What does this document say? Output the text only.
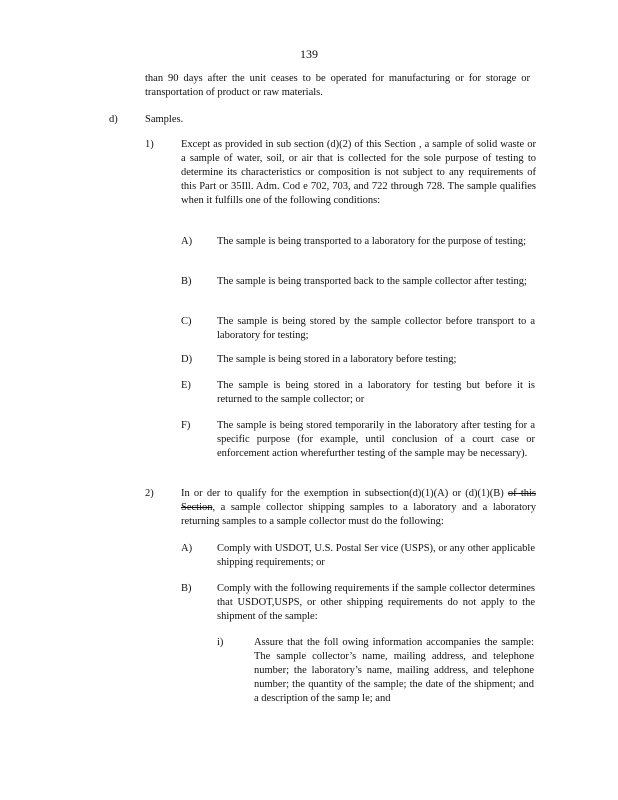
139
than 90 days after the unit ceases to be operated for manufacturing or for storage or transportation of product or raw materials.
d)	Samples.
1)	Except as provided in sub section (d)(2) of this Section , a sample of solid waste or a sample of water, soil, or air that is collected for the sole purpose of testing to determine its characteristics or composition is not subject to any requirements of this Part or 35Ill. Adm. Cod e 702, 703, and 722 through 728. The sample qualifies when it fulfills one of the following conditions:
A) The sample is being transported to a laboratory for the purpose of testing;
B) The sample is being transported back to the sample collector after testing;
C) The sample is being stored by the sample collector before transport to a laboratory for testing;
D) The sample is being stored in a laboratory before testing;
E) The sample is being stored in a laboratory for testing but before it is returned to the sample collector; or
F)	The sample is being stored temporarily in the laboratory after testing for a specific purpose (for example, until conclusion of a court case or enforcement action wherefurther testing of the sample may be necessary).
2)	In or der to qualify for the exemption in subsection(d)(1)(A) or (d)(1)(B) of this Section, a sample collector shipping samples to a laboratory and a laboratory returning samples to a sample collector must do the following:
A) Comply with USDOT, U.S. Postal Ser vice (USPS), or any other applicable shipping requirements; or
B) Comply with the following requirements if the sample collector determines that USDOT,USPS, or other shipping requirements do not apply to the shipment of the sample:
i)	Assure that the foll owing information accompanies the sample: The sample collector’s name, mailing address, and telephone number; the laboratory’s name, mailing address, and telephone number; the quantity of the sample; the date of the shipment; and a description of the samp le; and
